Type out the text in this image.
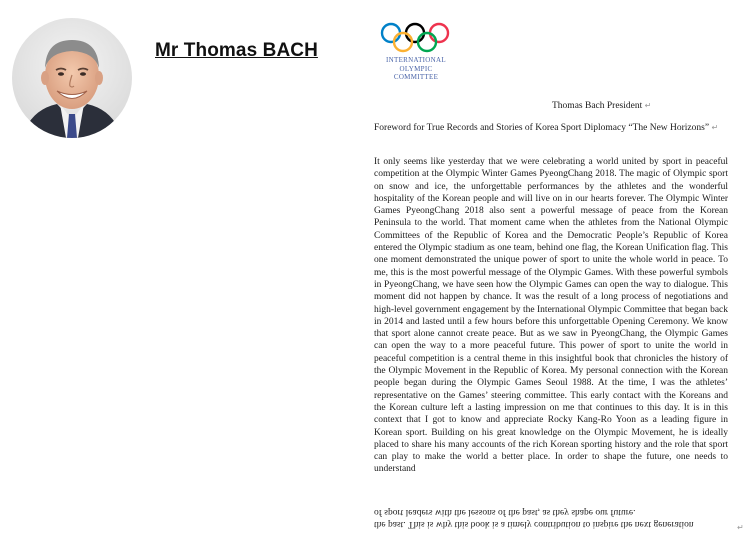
Mr Thomas BACH	INTERNATIONAL
OLYMPIC
COMMITTEE

Thomas Bach President ↵

Foreword for True Records and Stories of Korea Sport Diplomacy “The New Horizons” ↵

It only seems like yesterday that we were celebrating a world united by sport in peaceful competition at the Olympic Winter Games PyeongChang 2018. The magic of Olympic sport on snow and ice, the unforgettable performances by the athletes and the wonderful hospitality of the Korean people and will live on in our hearts forever. The Olympic Winter Games PyeongChang 2018 also sent a powerful message of peace from the Korean Peninsula to the world. That moment came when the athletes from the National Olympic Committees of the Republic of Korea and the Democratic People’s Republic of Korea entered the Olympic stadium as one team, behind one flag, the Korean Unification flag. This one moment demonstrated the unique power of sport to unite the whole world in peace. To me, this is the most powerful message of the Olympic Games. With these powerful symbols in PyeongChang, we have seen how the Olympic Games can open the way to dialogue. This moment did not happen by chance. It was the result of a long process of negotiations and high-level government engagement by the International Olympic Committee that began back in 2014 and lasted until a few hours before this unforgettable Opening Ceremony. We know that sport alone cannot create peace. But as we saw in PyeongChang, the Olympic Games can open the way to a more peaceful future. This power of sport to unite the world in peaceful competition is a central theme in this insightful book that chronicles the history of the Olympic Movement in the Republic of Korea. My personal connection with the Korean people began during the Olympic Games Seoul 1988. At the time, I was the athletes’ representative on the Games’ steering committee. This early contact with the Koreans and the Korean culture left a lasting impression on me that continues to this day. It is in this context that I got to know and appreciate Rocky Kang-Ro Yoon as a leading figure in Korean sport. Building on his great knowledge on the Olympic Movement, he is ideally placed to share his many accounts of the rich Korean sporting history and the role that sport can play to make the world a better place. In order to shape the future, one needs to understand

the past. This is why this book is a timely contribution to inspire the next generation

of sport leaders with the lessons of the past, as they shape our future.

↵
